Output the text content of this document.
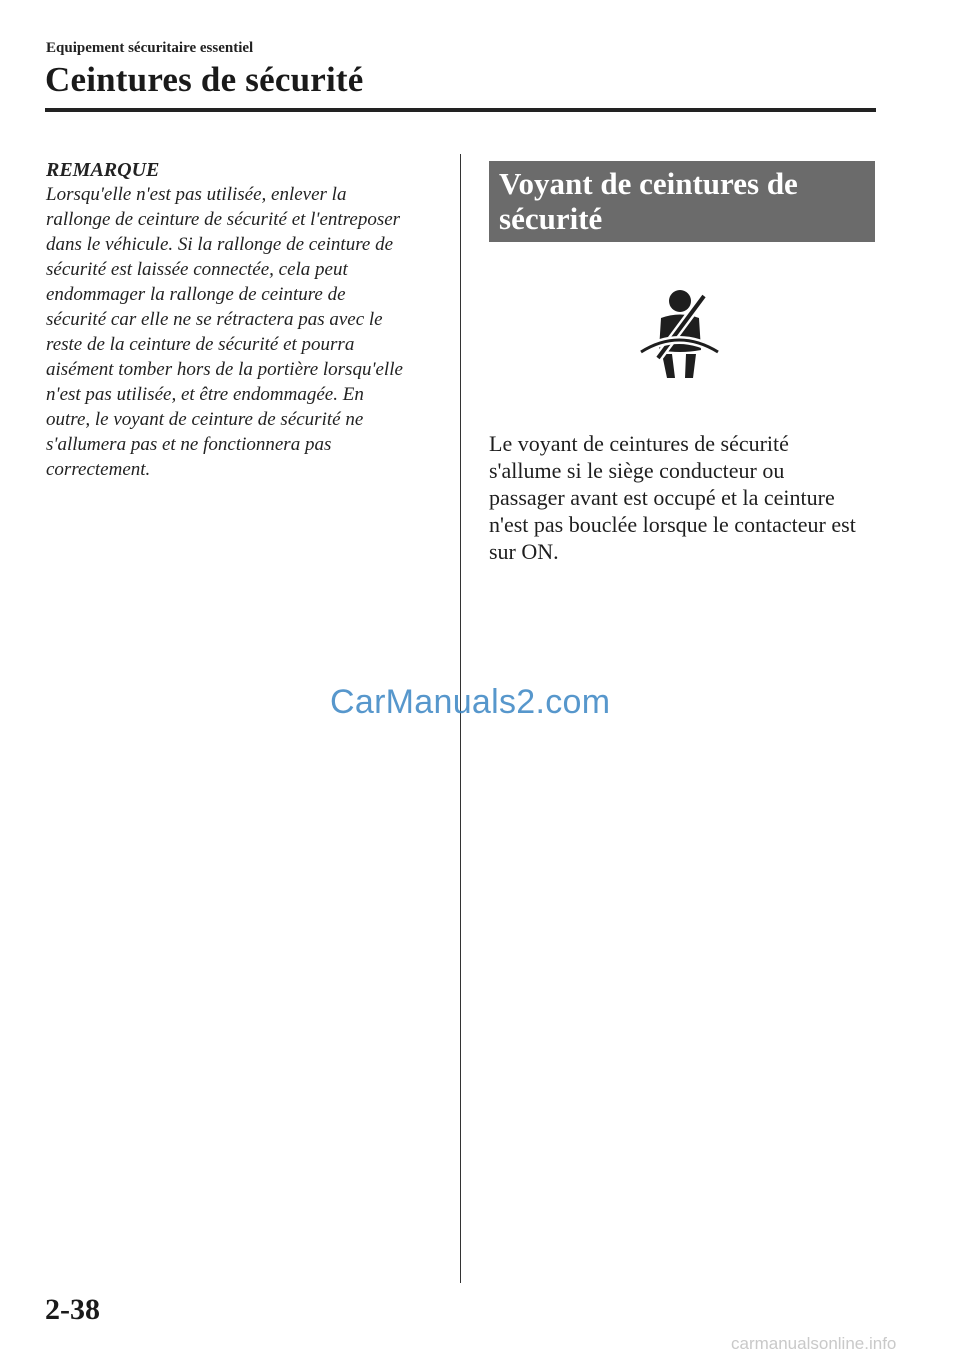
Equipement sécuritaire essentiel
Ceintures de sécurité

REMARQUE

Lorsqu'elle n'est pas utilisée, enlever la
rallonge de ceinture de sécurité et l'entreposer
dans le véhicule. Si la rallonge de ceinture de
sécurité est laissée connectée, cela peut
endommager la rallonge de ceinture de
sécurité car elle ne se rétractera pas avec le
reste de la ceinture de sécurité et pourra
aisément tomber hors de la portière lorsqu'elle
n'est pas utilisée, et être endommagée. En
outre, le voyant de ceinture de sécurité ne
s'allumera pas et ne fonctionnera pas
correctement.

Voyant de ceintures de
sécurité

Le voyant de ceintures de sécurité
s'allume si le siège conducteur ou
passager avant est occupé et la ceinture
n'est pas bouclée lorsque le contacteur est
sur ON.

CarManuals2.com
2-38
carmanualsonline.info
